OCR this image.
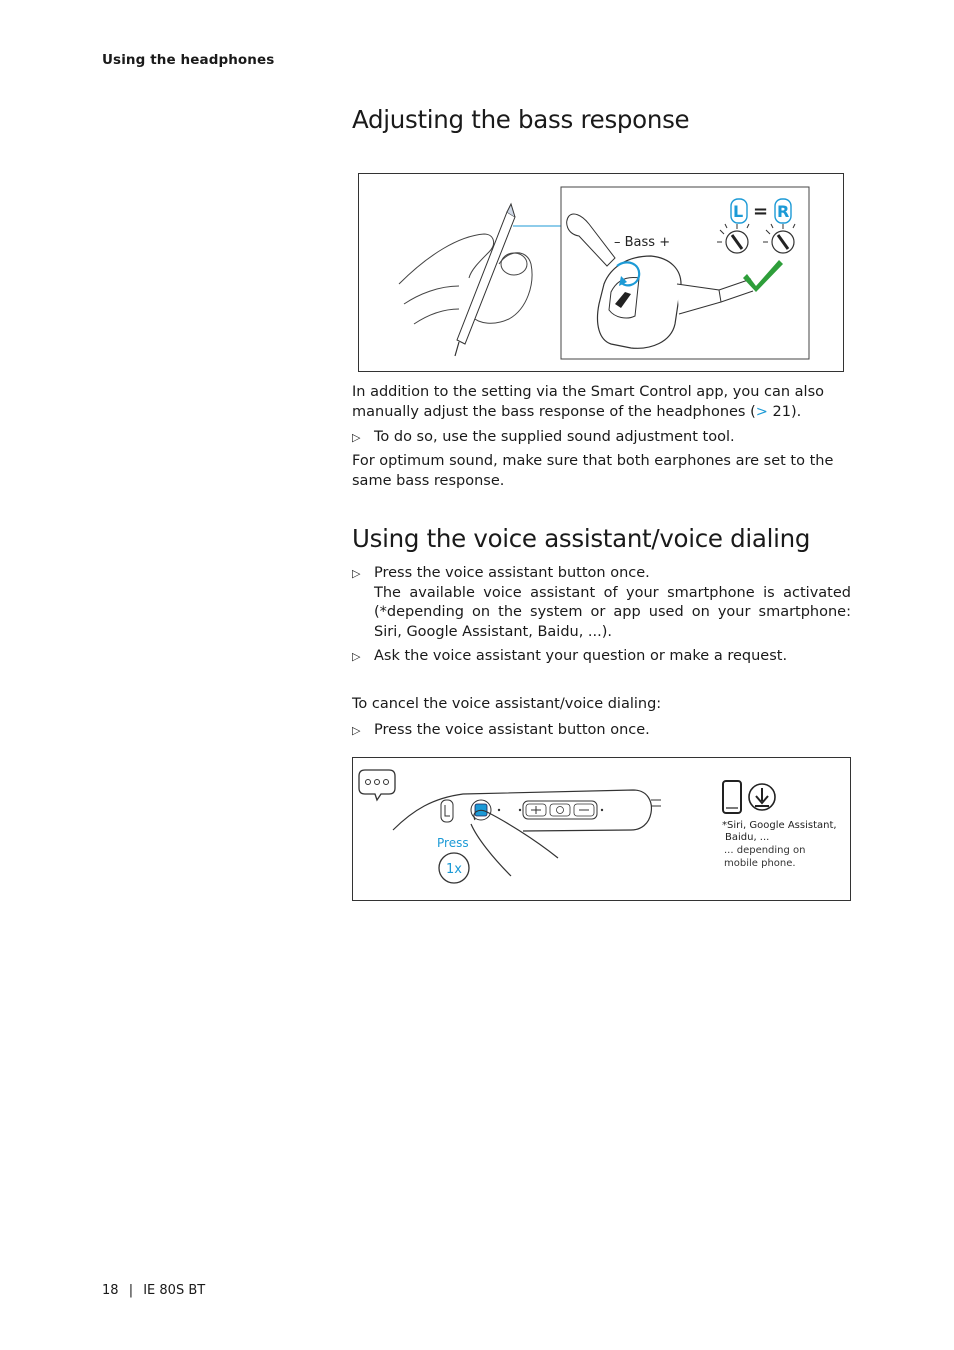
Using the headphones
Adjusting the bass response
– Bass +
L = R
In addition to the setting via the Smart Control app, you can also manually adjust the bass response of the headphones (> 21).
▷ To do so, use the supplied sound adjustment tool.

For optimum sound, make sure that both earphones are set to the same bass response.

Using the voice assistant/voice dialing
▷ Press the voice assistant button once.
The available voice assistant of your smartphone is activated (*depending on the system or app used on your smartphone: Siri, Google Assistant, Baidu, ...).
▷ Ask the voice assistant your question or make a request.

To cancel the voice assistant/voice dialing:

▷ Press the voice assistant button once.
Press
1x
*Siri, Google Assistant,
Baidu, ...
... depending on
mobile phone.
18 | IE 80S BT
